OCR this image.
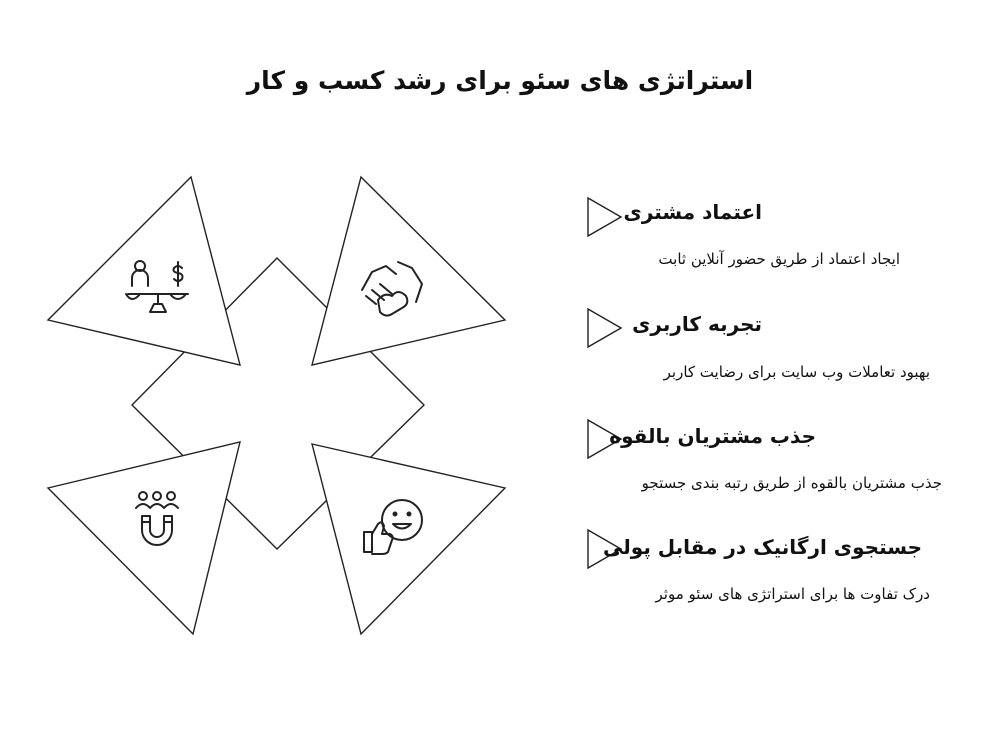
استراتژی های سئو برای رشد کسب و کار
اعتماد مشتری
ایجاد اعتماد از طریق حضور آنلاین ثابت
تجربه کاربری
بهبود تعاملات وب سایت برای رضایت کاربر
جذب مشتریان بالقوه
جذب مشتریان بالقوه از طریق رتبه بندی جستجو
جستجوی ارگانیک در مقابل پولی
درک تفاوت ها برای استراتژی های سئو موثر
